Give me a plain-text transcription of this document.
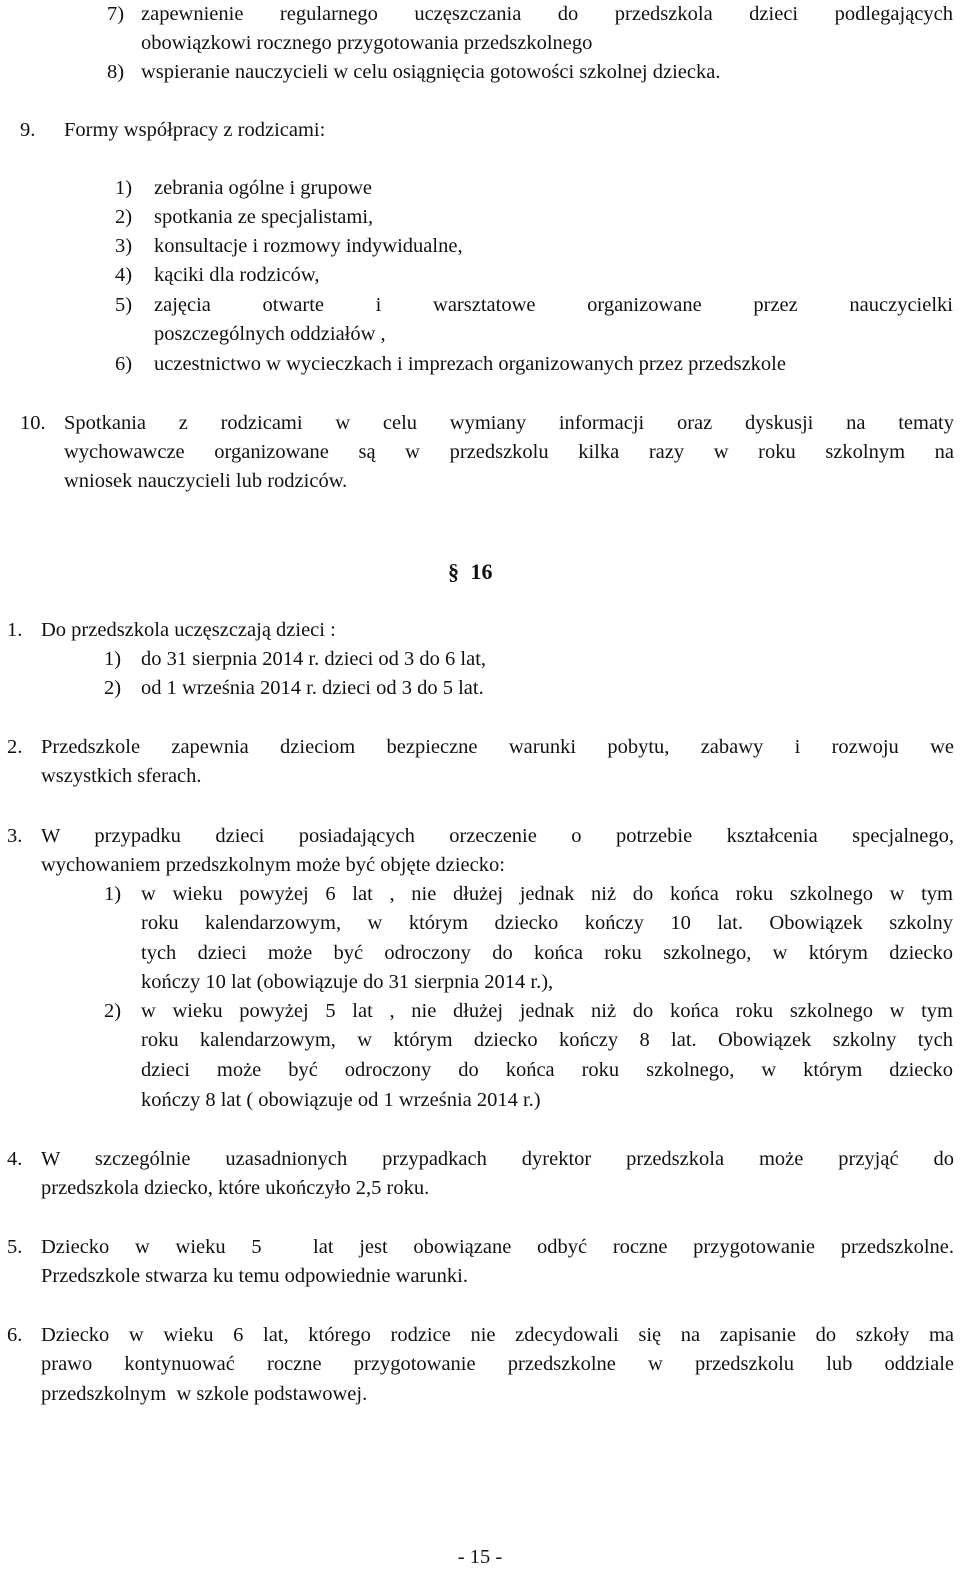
7) zapewnienie regularnego uczęszczania do przedszkola dzieci podlegających
obowiązkowi rocznego przygotowania przedszkolnego
8) wspieranie nauczycieli w celu osiągnięcia gotowości szkolnej dziecka.
9. Formy współpracy z rodzicami:
1) zebrania ogólne i grupowe
2) spotkania ze specjalistami,
3) konsultacje i rozmowy indywidualne,
4) kąciki dla rodziców,
5) zajęcia otwarte i warsztatowe organizowane przez nauczycielki
poszczególnych oddziałów ,
6) uczestnictwo w wycieczkach i imprezach organizowanych przez przedszkole
10. Spotkania z rodzicami w celu wymiany informacji oraz dyskusji na tematy
wychowawcze organizowane są w przedszkolu kilka razy w roku szkolnym na
wniosek nauczycieli lub rodziców.
§ 16
1. Do przedszkola uczęszczają dzieci :
1) do 31 sierpnia 2014 r. dzieci od 3 do 6 lat,
2) od 1 września 2014 r. dzieci od 3 do 5 lat.
2. Przedszkole zapewnia dzieciom bezpieczne warunki pobytu, zabawy i rozwoju we
wszystkich sferach.
3. W przypadku dzieci posiadających orzeczenie o potrzebie kształcenia specjalnego,
wychowaniem przedszkolnym może być objęte dziecko:
1) w wieku powyżej 6 lat , nie dłużej jednak niż do końca roku szkolnego w tym
roku kalendarzowym, w którym dziecko kończy 10 lat. Obowiązek szkolny
tych dzieci może być odroczony do końca roku szkolnego, w którym dziecko
kończy 10 lat (obowiązuje do 31 sierpnia 2014 r.),
2) w wieku powyżej 5 lat , nie dłużej jednak niż do końca roku szkolnego w tym
roku kalendarzowym, w którym dziecko kończy 8 lat. Obowiązek szkolny tych
dzieci może być odroczony do końca roku szkolnego, w którym dziecko
kończy 8 lat ( obowiązuje od 1 września 2014 r.)
4. W szczególnie uzasadnionych przypadkach dyrektor przedszkola może przyjąć do
przedszkola dziecko, które ukończyło 2,5 roku.
5. Dziecko w wieku 5  lat jest obowiązane odbyć roczne przygotowanie przedszkolne.
Przedszkole stwarza ku temu odpowiednie warunki.
6. Dziecko w wieku 6 lat, którego rodzice nie zdecydowali się na zapisanie do szkoły ma
prawo kontynuować roczne przygotowanie przedszkolne w przedszkolu lub oddziale
przedszkolnym  w szkole podstawowej.
- 15 -
